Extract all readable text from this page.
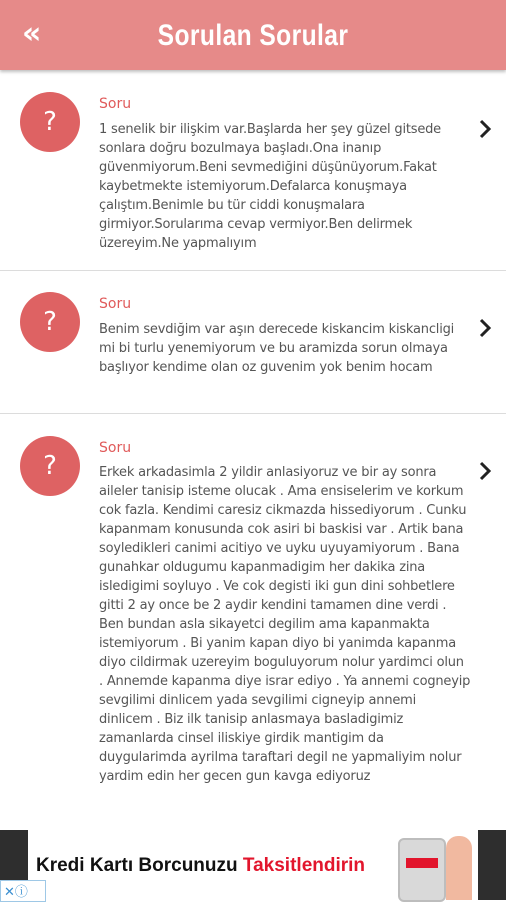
«	Sorulan Sorular
?
Soru
1 senelik bir ilişkim var.Başlarda her şey güzel gitsede sonlara doğru bozulmaya başladı.Ona inanıp güvenmiyorum.Beni sevmediğini düşünüyorum.Fakat kaybetmekte istemiyorum.Defalarca konuşmaya çalıştım.Benimle bu tür ciddi konuşmalara girmiyor.Sorularıma cevap vermiyor.Ben delirmek üzereyim.Ne yapmalıyım
?
Soru
Benim sevdiğim var aşın derecede kiskancim kiskancligi mi bi turlu yenemiyorum ve bu aramizda sorun olmaya başlıyor kendime olan oz guvenim yok benim hocam
?
Soru
Erkek arkadasimla 2 yildir anlasiyoruz ve bir ay sonra aileler tanisip isteme olucak . Ama ensiselerim ve korkum cok fazla. Kendimi caresiz cikmazda hissediyorum . Cunku kapanmam konusunda cok asiri bi baskisi var . Artik bana soyledikleri canimi acitiyo ve uyku uyuyamiyorum . Bana gunahkar oldugumu kapanmadigim her dakika zina isledigimi soyluyo . Ve cok degisti iki gun dini sohbetlere gitti 2 ay once be 2 aydir kendini tamamen dine verdi . Ben bundan asla sikayetci degilim ama kapanmakta istemiyorum . Bi yanim kapan diyo bi yanimda kapanma diyo cildirmak uzereyim boguluyorum nolur yardimci olun . Annemde kapanma diye israr ediyo . Ya annemi cogneyip sevgilimi dinlicem yada sevgilimi cigneyip annemi dinlicem . Biz ilk tanisip anlasmaya basladigimiz zamanlarda cinsel iliskiye girdik mantigim da duygularimda ayrilma taraftari degil ne yapmaliyim nolur yardim edin her gecen gun kavga ediyoruz
Kredi Kartı Borcunuzu Taksitlendirin
✕ⓘ
